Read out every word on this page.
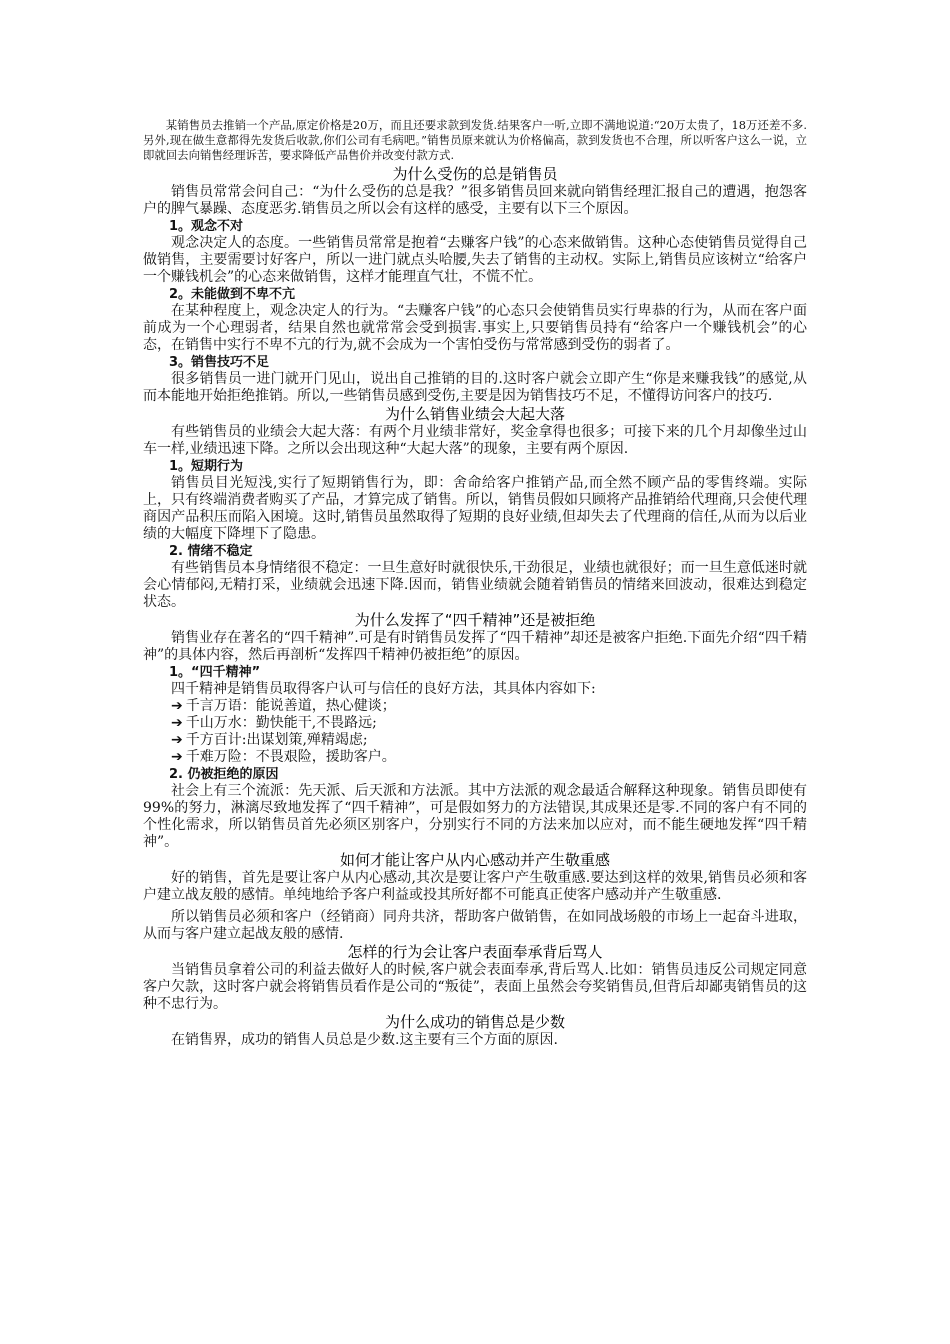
某销售员去推销一个产品,原定价格是20万，而且还要求款到发货.结果客户一听,立即不满地说道:“20万太贵了，18万还差不多.另外,现在做生意都得先发货后收款,你们公司有毛病吧。”销售员原来就认为价格偏高，款到发货也不合理，所以听客户这么一说，立即就回去向销售经理诉苦，要求降低产品售价并改变付款方式.

为什么受伤的总是销售员

销售员常常会问自己：“为什么受伤的总是我？”很多销售员回来就向销售经理汇报自己的遭遇，抱怨客户的脾气暴躁、态度恶劣.销售员之所以会有这样的感受，主要有以下三个原因。

1。观念不对

观念决定人的态度。一些销售员常常是抱着“去赚客户钱”的心态来做销售。这种心态使销售员觉得自己做销售，主要需要讨好客户，所以一进门就点头哈腰,失去了销售的主动权。实际上,销售员应该树立“给客户一个赚钱机会”的心态来做销售，这样才能理直气壮，不慌不忙。

2。未能做到不卑不亢

在某种程度上，观念决定人的行为。“去赚客户钱”的心态只会使销售员实行卑恭的行为，从而在客户面前成为一个心理弱者，结果自然也就常常会受到损害.事实上,只要销售员持有“给客户一个赚钱机会”的心态，在销售中实行不卑不亢的行为,就不会成为一个害怕受伤与常常感到受伤的弱者了。

3。销售技巧不足

很多销售员一进门就开门见山，说出自己推销的目的.这时客户就会立即产生“你是来赚我钱”的感觉,从而本能地开始拒绝推销。所以,一些销售员感到受伤,主要是因为销售技巧不足，不懂得访问客户的技巧.

为什么销售业绩会大起大落

有些销售员的业绩会大起大落：有两个月业绩非常好，奖金拿得也很多；可接下来的几个月却像坐过山车一样,业绩迅速下降。之所以会出现这种“大起大落”的现象，主要有两个原因.

1。短期行为

销售员目光短浅,实行了短期销售行为，即：舍命给客户推销产品,而全然不顾产品的零售终端。实际上，只有终端消费者购买了产品，才算完成了销售。所以，销售员假如只顾将产品推销给代理商,只会使代理商因产品积压而陷入困境。这时,销售员虽然取得了短期的良好业绩,但却失去了代理商的信任,从而为以后业绩的大幅度下降埋下了隐患。

2. 情绪不稳定

有些销售员本身情绪很不稳定：一旦生意好时就很快乐,干劲很足，业绩也就很好；而一旦生意低迷时就会心情郁闷,无精打采，业绩就会迅速下降.因而，销售业绩就会随着销售员的情绪来回波动，很难达到稳定状态。

为什么发挥了“四千精神”还是被拒绝

销售业存在著名的“四千精神”.可是有时销售员发挥了“四千精神”却还是被客户拒绝.下面先介绍“四千精神”的具体内容，然后再剖析“发挥四千精神仍被拒绝”的原因。

1。“四千精神”

四千精神是销售员取得客户认可与信任的良好方法，其具体内容如下:

➔ 千言万语：能说善道，热心健谈；
➔ 千山万水：勤快能干,不畏路远;
➔ 千方百计:出谋划策,殚精竭虑;
➔ 千难万险：不畏艰险，援助客户。

2. 仍被拒绝的原因

社会上有三个流派：先天派、后天派和方法派。其中方法派的观念最适合解释这种现象。销售员即使有99%的努力，淋漓尽致地发挥了“四千精神”，可是假如努力的方法错误,其成果还是零.不同的客户有不同的个性化需求，所以销售员首先必须区别客户，分别实行不同的方法来加以应对，而不能生硬地发挥“四千精神”。

如何才能让客户从内心感动并产生敬重感

好的销售，首先是要让客户从内心感动,其次是要让客户产生敬重感.要达到这样的效果,销售员必须和客户建立战友般的感情。单纯地给予客户利益或投其所好都不可能真正使客户感动并产生敬重感.

所以销售员必须和客户（经销商）同舟共济，帮助客户做销售，在如同战场般的市场上一起奋斗进取，从而与客户建立起战友般的感情.

怎样的行为会让客户表面奉承背后骂人

当销售员拿着公司的利益去做好人的时候,客户就会表面奉承,背后骂人.比如：销售员违反公司规定同意客户欠款，这时客户就会将销售员看作是公司的“叛徒”，表面上虽然会夸奖销售员,但背后却鄙夷销售员的这种不忠行为。

为什么成功的销售总是少数

在销售界，成功的销售人员总是少数.这主要有三个方面的原因.
